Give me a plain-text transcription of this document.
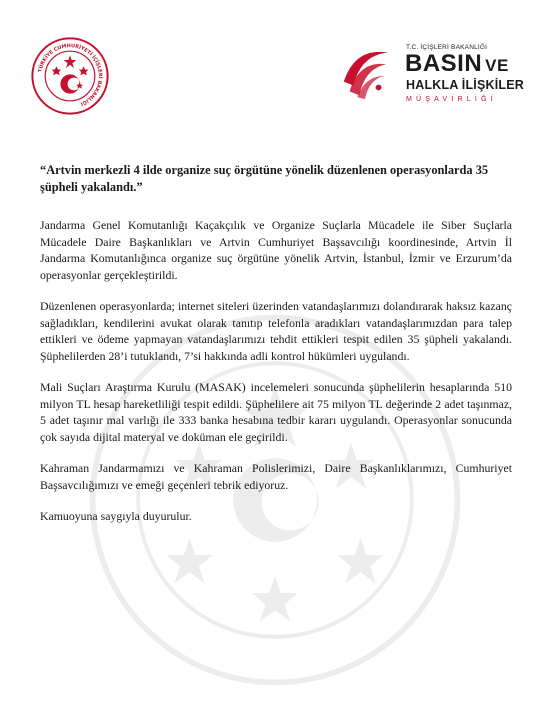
TÜRKİYE CUMHURİYETİ İÇİŞLERİ BAKANLIĞI
T.C. İÇİŞLERİ BAKANLIĞI
BASIN VE
HALKLA İLİŞKİLER
MÜŞAVİRLİĞİ

“Artvin merkezli 4 ilde organize suç örgütüne yönelik düzenlenen operasyonlarda 35 şüpheli yakalandı.”

Jandarma Genel Komutanlığı Kaçakçılık ve Organize Suçlarla Mücadele ile Siber Suçlarla Mücadele Daire Başkanlıkları ve Artvin Cumhuriyet Başsavcılığı koordinesinde, Artvin İl Jandarma Komutanlığınca organize suç örgütüne yönelik Artvin, İstanbul, İzmir ve Erzurum’da operasyonlar gerçekleştirildi.

Düzenlenen operasyonlarda; internet siteleri üzerinden vatandaşlarımızı dolandırarak haksız kazanç sağladıkları, kendilerini avukat olarak tanıtıp telefonla aradıkları vatandaşlarımızdan para talep ettikleri ve ödeme yapmayan vatandaşlarımızı tehdit ettikleri tespit edilen 35 şüpheli yakalandı. Şüphelilerden 28’i tutuklandı, 7’si hakkında adli kontrol hükümleri uygulandı.

Mali Suçları Araştırma Kurulu (MASAK) incelemeleri sonucunda şüphelilerin hesaplarında 510 milyon TL hesap hareketliliği tespit edildi. Şüphelilere ait 75 milyon TL değerinde 2 adet taşınmaz, 5 adet taşınır mal varlığı ile 333 banka hesabına tedbir kararı uygulandı. Operasyonlar sonucunda çok sayıda dijital materyal ve doküman ele geçirildi.

Kahraman Jandarmamızı ve Kahraman Polislerimizi, Daire Başkanlıklarımızı, Cumhuriyet Başsavcılığımızı ve emeği geçenleri tebrik ediyoruz.

Kamuoyuna saygıyla duyurulur.
